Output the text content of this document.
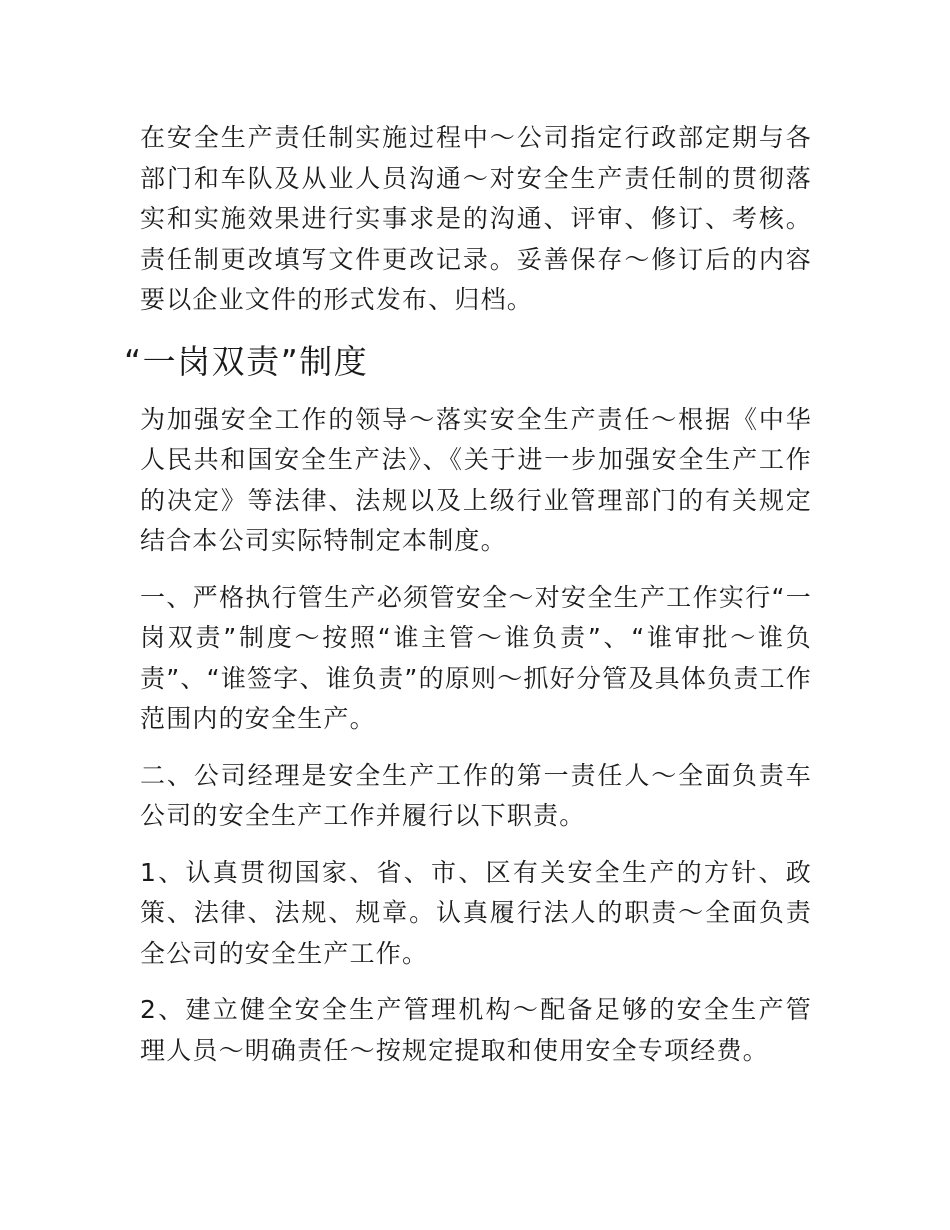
在安全生产责任制实施过程中～公司指定行政部定期与各部门和车队及从业人员沟通～对安全生产责任制的贯彻落实和实施效果进行实事求是的沟通、评审、修订、考核。责任制更改填写文件更改记录。妥善保存～修订后的内容要以企业文件的形式发布、归档。

“一岗双责”制度

为加强安全工作的领导～落实安全生产责任～根据《中华人民共和国安全生产法》、《关于进一步加强安全生产工作的决定》等法律、法规以及上级行业管理部门的有关规定结合本公司实际特制定本制度。

一、严格执行管生产必须管安全～对安全生产工作实行“一岗双责”制度～按照“谁主管～谁负责”、“谁审批～谁负责”、“谁签字、谁负责”的原则～抓好分管及具体负责工作范围内的安全生产。

二、公司经理是安全生产工作的第一责任人～全面负责车公司的安全生产工作并履行以下职责。

1、认真贯彻国家、省、市、区有关安全生产的方针、政策、法律、法规、规章。认真履行法人的职责～全面负责全公司的安全生产工作。

2、建立健全安全生产管理机构～配备足够的安全生产管理人员～明确责任～按规定提取和使用安全专项经费。
